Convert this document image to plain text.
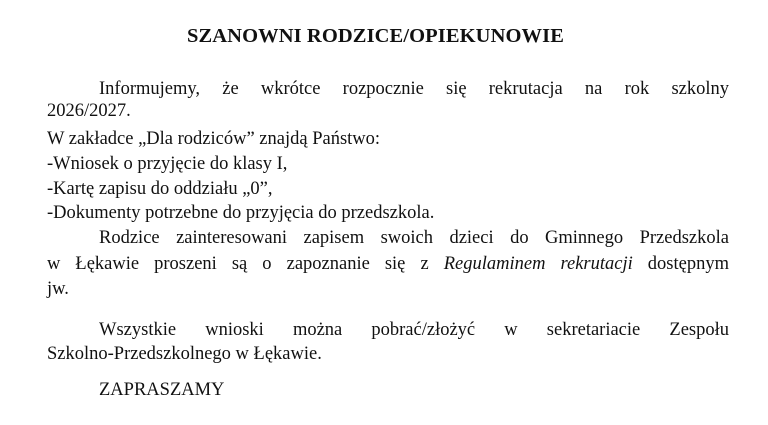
SZANOWNI RODZICE/OPIEKUNOWIE
Informujemy, że wkrótce rozpocznie się rekrutacja na rok szkolny
2026/2027.
W zakładce „Dla rodziców” znajdą Państwo:
-Wniosek o przyjęcie do klasy I,
-Kartę zapisu do oddziału „0”,
-Dokumenty potrzebne do przyjęcia do przedszkola.
Rodzice zainteresowani zapisem swoich dzieci do Gminnego Przedszkola
w Łękawie proszeni są o zapoznanie się z Regulaminem rekrutacji dostępnym
jw.
Wszystkie wnioski można pobrać/złożyć w sekretariacie Zespołu
Szkolno-Przedszkolnego w Łękawie.
ZAPRASZAMY
